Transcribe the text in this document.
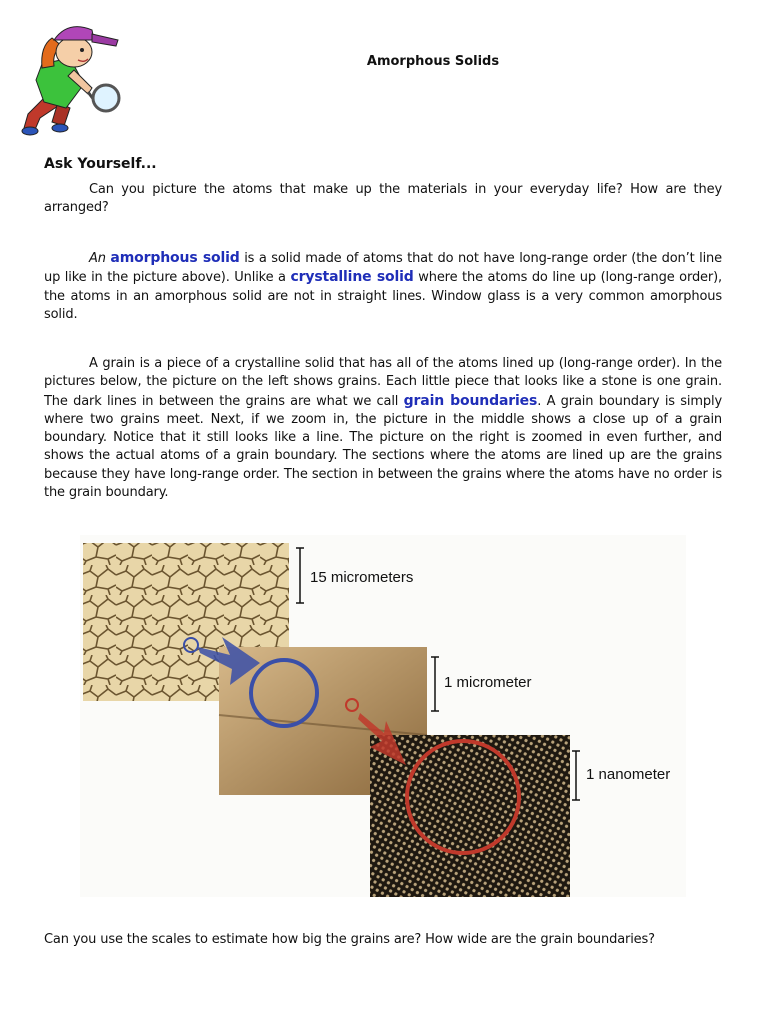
Amorphous Solids
Ask Yourself...
Can you picture the atoms that make up the materials in your everyday life? How are they arranged?
An amorphous solid is a solid made of atoms that do not have long-range order (the don’t line up like in the picture above). Unlike a crystalline solid where the atoms do line up (long-range order), the atoms in an amorphous solid are not in straight lines. Window glass is a very common amorphous solid.
A grain is a piece of a crystalline solid that has all of the atoms lined up (long-range order). In the pictures below, the picture on the left shows grains. Each little piece that looks like a stone is one grain. The dark lines in between the grains are what we call grain boundaries. A grain boundary is simply where two grains meet. Next, if we zoom in, the picture in the middle shows a close up of a grain boundary. Notice that it still looks like a line. The picture on the right is zoomed in even further, and shows the actual atoms of a grain boundary. The sections where the atoms are lined up are the grains because they have long-range order. The section in between the grains where the atoms have no order is the grain boundary.
15 micrometers
1 micrometer
1 nanometer
Can you use the scales to estimate how big the grains are? How wide are the grain boundaries?
